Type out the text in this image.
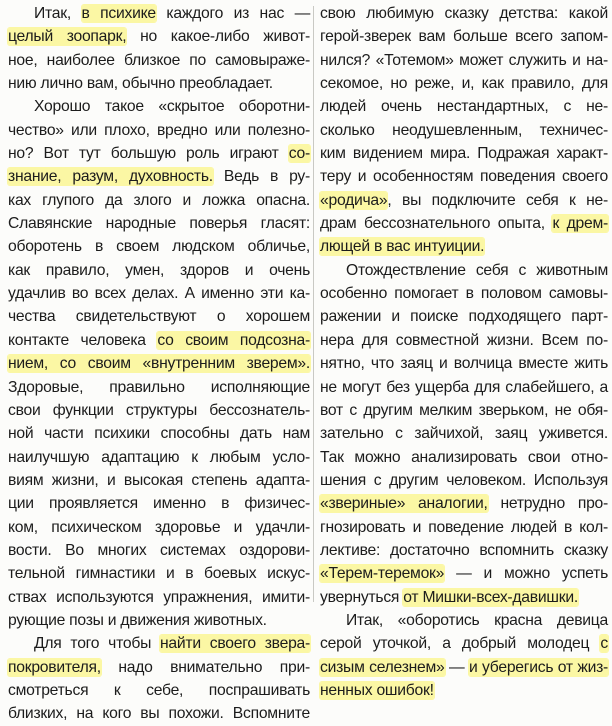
Итак, в психике каждого из нас —
целый зоопарк, но какое-либо живот-
ное, наиболее близкое по самовыраже-
нию лично вам, обычно преобладает.
Хорошо такое «скрытое оборотни-
чество» или плохо, вредно или полезно-
но? Вот тут большую роль играют со-
знание, разум, духовность. Ведь в ру-
ках глупого да злого и ложка опасна.
Славянские народные поверья гласят:
оборотень в своем людском обличье,
как правило, умен, здоров и очень
удачлив во всех делах. А именно эти ка-
чества свидетельствуют о хорошем
контакте человека со своим подсозна-
нием, со своим «внутренним зверем».
Здоровые, правильно исполняющие
свои функции структуры бессознатель-
ной части психики способны дать нам
наилучшую адаптацию к любым усло-
виям жизни, и высокая степень адапта-
ции проявляется именно в физичес-
ком, психическом здоровье и удачли-
вости. Во многих системах оздорови-
тельной гимнастики и в боевых искус-
ствах используются упражнения, имити-
рующие позы и движения животных.
Для того чтобы найти своего звера-
покровителя, надо внимательно при-
смотреться к себе, поспрашивать
близких, на кого вы похожи. Вспомните
свою любимую сказку детства: какой
герой-зверек вам больше всего запом-
нился? «Тотемом» может служить и на-
секомое, но реже, и, как правило, для
людей очень нестандартных, с не-
сколько неодушевленным, техничес-
ким видением мира. Подражая характ-
теру и особенностям поведения своего
«родича», вы подключите себя к не-
драм бессознательного опыта, к дрем-
лющей в вас интуиции.
Отождествление себя с животным
особенно помогает в половом самовы-
ражении и поиске подходящего парт-
нера для совместной жизни. Всем по-
нятно, что заяц и волчица вместе жить
не могут без ущерба для слабейшего, а
вот с другим мелким зверьком, не обя-
зательно с зайчихой, заяц уживется.
Так можно анализировать свои отно-
шения с другим человеком. Используя
«звериные» аналогии, нетрудно про-
гнозировать и поведение людей в кол-
лективе: достаточно вспомнить сказку
«Терем-теремок» — и можно успеть
увернуться от Мишки-всех-давишки.
Итак, «оборотись красна девица
серой уточкой, а добрый молодец с
сизым селезнем» — и уберегись от жиз-
ненных ошибок!
